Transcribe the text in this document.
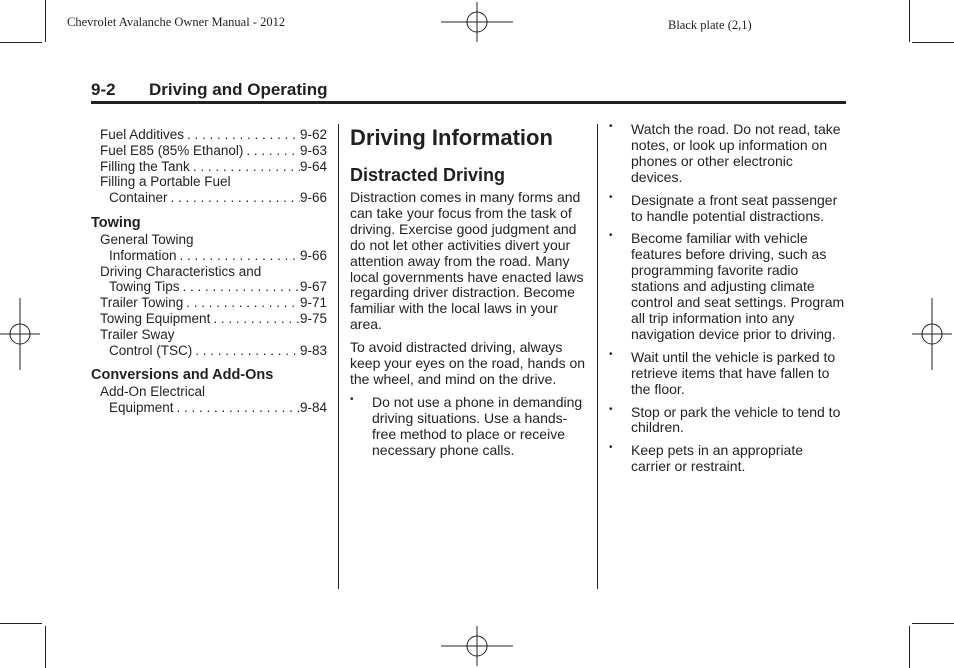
Chevrolet Avalanche Owner Manual - 2012	Black plate (2,1)
9-2 Driving and Operating
Fuel Additives . . .	9-62
Fuel E85 (85% Ethanol) . . .	9-63
Filling the Tank . . .	9-64
Filling a Portable Fuel
Container . . .	9-66
Towing
General Towing
Information . . .	9-66
Driving Characteristics and
Towing Tips . . .	9-67
Trailer Towing . . .	9-71
Towing Equipment . . .	9-75
Trailer Sway
Control (TSC) . . .	9-83
Conversions and Add-Ons
Add-On Electrical
Equipment . . .	9-84
Driving Information
Distracted Driving

Distraction comes in many forms and can take your focus from the task of driving. Exercise good judgment and do not let other activities divert your attention away from the road. Many local governments have enacted laws regarding driver distraction. Become familiar with the local laws in your area.

To avoid distracted driving, always keep your eyes on the road, hands on the wheel, and mind on the drive.

• Do not use a phone in demanding driving situations. Use a hands-free method to place or receive necessary phone calls.
• Watch the road. Do not read, take notes, or look up information on phones or other electronic devices.
• Designate a front seat passenger to handle potential distractions.
• Become familiar with vehicle features before driving, such as programming favorite radio stations and adjusting climate control and seat settings. Program all trip information into any navigation device prior to driving.
• Wait until the vehicle is parked to retrieve items that have fallen to the floor.
• Stop or park the vehicle to tend to children.
• Keep pets in an appropriate carrier or restraint.
